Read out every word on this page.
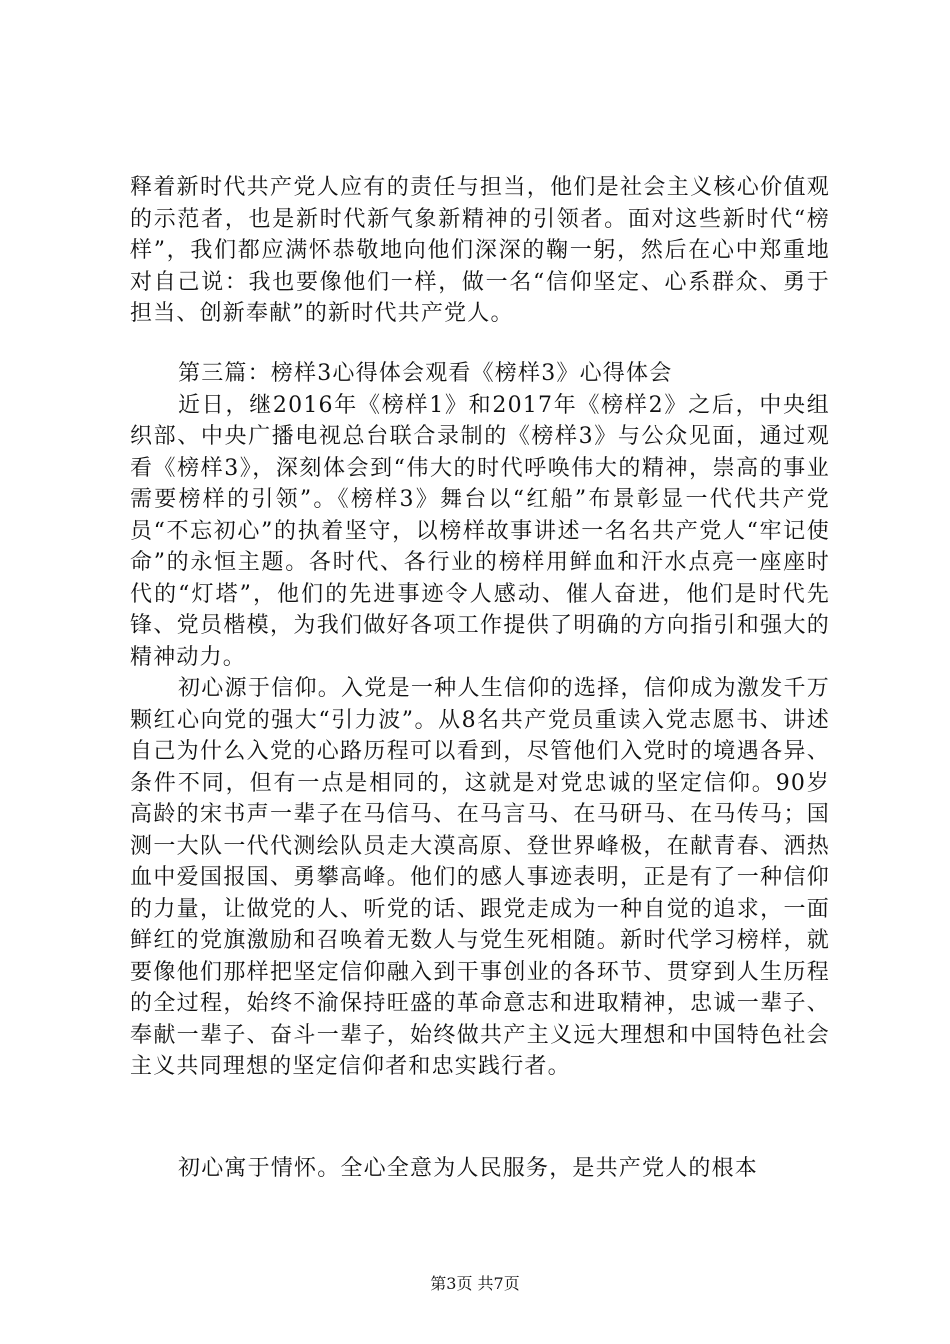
释着新时代共产党人应有的责任与担当，他们是社会主义核心价值观的示范者，也是新时代新气象新精神的引领者。面对这些新时代“榜样”，我们都应满怀恭敬地向他们深深的鞠一躬，然后在心中郑重地对自己说：我也要像他们一样，做一名“信仰坚定、心系群众、勇于担当、创新奉献”的新时代共产党人。

第三篇：榜样3心得体会观看《榜样3》心得体会

近日，继2016年《榜样1》和2017年《榜样2》之后，中央组织部、中央广播电视总台联合录制的《榜样3》与公众见面，通过观看《榜样3》，深刻体会到“伟大的时代呼唤伟大的精神，崇高的事业需要榜样的引领”。《榜样3》舞台以“红船”布景彰显一代代共产党员“不忘初心”的执着坚守，以榜样故事讲述一名名共产党人“牢记使命”的永恒主题。各时代、各行业的榜样用鲜血和汗水点亮一座座时代的“灯塔”，他们的先进事迹令人感动、催人奋进，他们是时代先锋、党员楷模，为我们做好各项工作提供了明确的方向指引和强大的精神动力。

初心源于信仰。入党是一种人生信仰的选择，信仰成为激发千万颗红心向党的强大“引力波”。从8名共产党员重读入党志愿书、讲述自己为什么入党的心路历程可以看到，尽管他们入党时的境遇各异、条件不同，但有一点是相同的，这就是对党忠诚的坚定信仰。90岁高龄的宋书声一辈子在马信马、在马言马、在马研马、在马传马；国测一大队一代代测绘队员走大漠高原、登世界峰极，在献青春、洒热血中爱国报国、勇攀高峰。他们的感人事迹表明，正是有了一种信仰的力量，让做党的人、听党的话、跟党走成为一种自觉的追求，一面鲜红的党旗激励和召唤着无数人与党生死相随。新时代学习榜样，就要像他们那样把坚定信仰融入到干事创业的各环节、贯穿到人生历程的全过程，始终不渝保持旺盛的革命意志和进取精神，忠诚一辈子、奉献一辈子、奋斗一辈子，始终做共产主义远大理想和中国特色社会主义共同理想的坚定信仰者和忠实践行者。

初心寓于情怀。全心全意为人民服务，是共产党人的根本

第3页 共7页
